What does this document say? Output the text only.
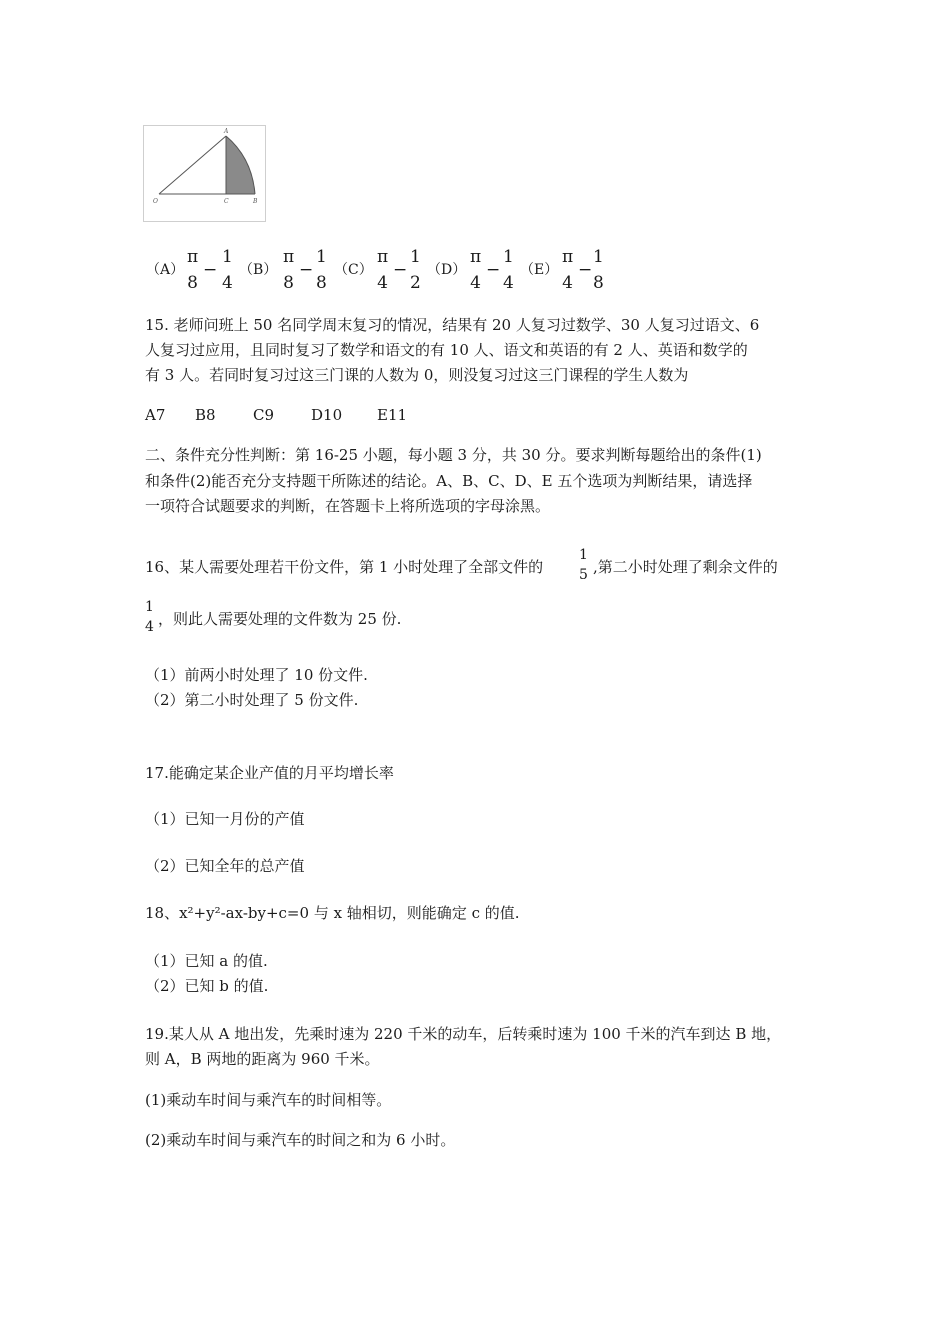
A
O	C	B
（A）
π
8
−
1
4
（B）
π
8
−
1
8
（C）
π
4
−
1
2
（D）
π
4
−
1
4
（E）
π
4
−
1
8
15. 老师问班上 50 名同学周末复习的情况，结果有 20 人复习过数学、30 人复习过语文、6
人复习过应用，且同时复习了数学和语文的有 10 人、语文和英语的有 2 人、英语和数学的
有 3 人。若同时复习过这三门课的人数为 0，则没复习过这三门课程的学生人数为
A7 B8 C9 D10 E11
二、条件充分性判断：第 16-25 小题，每小题 3 分，共 30 分。要求判断每题给出的条件(1)
和条件(2)能否充分支持题干所陈述的结论。A、B、C、D、E 五个选项为判断结果，请选择
一项符合试题要求的判断，在答题卡上将所选项的字母涂黑。
16、某人需要处理若干份文件，第 1 小时处理了全部文件的
1
5 ,第二小时处理了剩余文件的
1
4 ，则此人需要处理的文件数为 25 份.
（1）前两小时处理了 10 份文件.
（2）第二小时处理了 5 份文件.
17.能确定某企业产值的月平均增长率
（1）已知一月份的产值
（2）已知全年的总产值
18、x²+y²-ax-by+c=0 与 x 轴相切，则能确定 c 的值.
（1）已知 a 的值.
（2）已知 b 的值.
19.某人从 A 地出发，先乘时速为 220 千米的动车，后转乘时速为 100 千米的汽车到达 B 地，
则 A，B 两地的距离为 960 千米。
(1)乘动车时间与乘汽车的时间相等。
(2)乘动车时间与乘汽车的时间之和为 6 小时。
